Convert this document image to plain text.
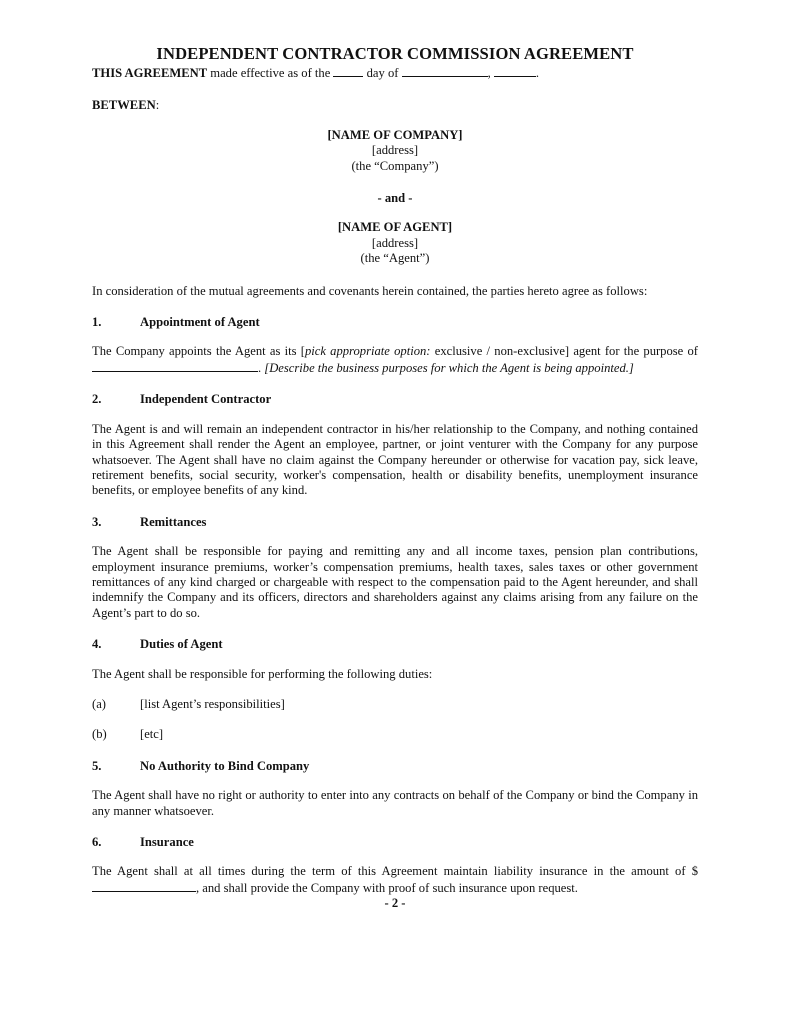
INDEPENDENT CONTRACTOR COMMISSION AGREEMENT

THIS AGREEMENT made effective as of the  day of	,	.

BETWEEN:

[NAME OF COMPANY]
[address]
(the “Company”)
- and -
[NAME OF AGENT]
[address]
(the “Agent”)

In consideration of the mutual agreements and covenants herein contained, the parties hereto agree as follows:

1.	Appointment of Agent

The Company appoints the Agent as its [pick appropriate option: exclusive / non-exclusive] agent for the purpose of . [Describe the business purposes for which the Agent is being appointed.]

2.	Independent Contractor

The Agent is and will remain an independent contractor in his/her relationship to the Company, and nothing contained in this Agreement shall render the Agent an employee, partner, or joint venturer with the Company for any purpose whatsoever. The Agent shall have no claim against the Company hereunder or otherwise for vacation pay, sick leave, retirement benefits, social security, worker's compensation, health or disability benefits, unemployment insurance benefits, or employee benefits of any kind.

3.	Remittances

The Agent shall be responsible for paying and remitting any and all income taxes, pension plan contributions, employment insurance premiums, worker’s compensation premiums, health taxes, sales taxes or other government remittances of any kind charged or chargeable with respect to the compensation paid to the Agent hereunder, and shall indemnify the Company and its officers, directors and shareholders against any claims arising from any failure on the Agent’s part to do so.

4.	Duties of Agent

The Agent shall be responsible for performing the following duties:

(a)	[list Agent’s responsibilities]
(b)	[etc]
5.	No Authority to Bind Company

The Agent shall have no right or authority to enter into any contracts on behalf of the Company or bind the Company in any manner whatsoever.

6.	Insurance

The Agent shall at all times during the term of this Agreement maintain liability insurance in the amount of $, and shall provide the Company with proof of such insurance upon request.

- 2 -
